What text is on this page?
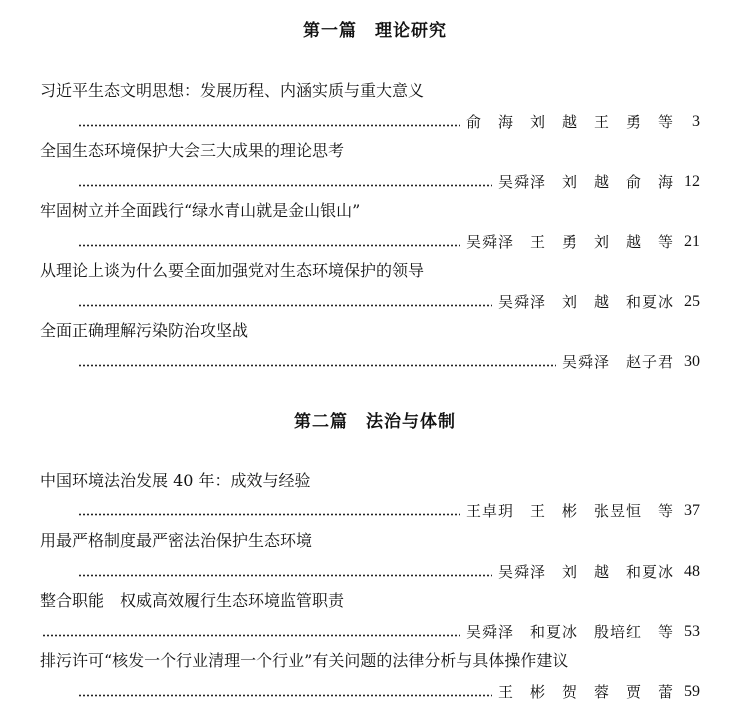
第一篇　理论研究
习近平生态文明思想：发展历程、内涵实质与重大意义
俞　海　刘　越　王　勇　等	3
全国生态环境保护大会三大成果的理论思考
吴舜泽　刘　越　俞　海 12
牢固树立并全面践行“绿水青山就是金山银山”
吴舜泽　王　勇　刘　越　等 21
从理论上谈为什么要全面加强党对生态环境保护的领导
吴舜泽　刘　越　和夏冰 25
全面正确理解污染防治攻坚战
吴舜泽　赵子君 30
第二篇　法治与体制
中国环境法治发展 40 年：成效与经验
王卓玥　王　彬　张昱恒　等 37
用最严格制度最严密法治保护生态环境
吴舜泽　刘　越　和夏冰 48
整合职能　权威高效履行生态环境监管职责
吴舜泽　和夏冰　殷培红　等 53
排污许可“核发一个行业清理一个行业”有关问题的法律分析与具体操作建议
王　彬　贺　蓉　贾　蕾 59
